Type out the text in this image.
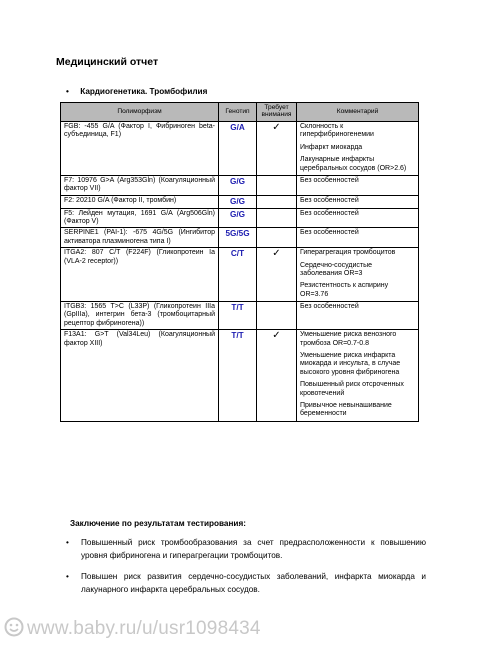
Медицинский отчет
• Кардиогенетика. Тромбофилия
Полиморфизм	Генотип	Требует внимания	Комментарий
FGB: -455 G/A (Фактор I, Фибриноген beta-субъединица, F1)	G/A	✓	Склонность к гиперфибриногенемии
Инфаркт миокарда
Лакунарные инфаркты церебральных сосудов (OR>2.6)

F7: 10976 G>A (Arg353Gln) (Коагуляционный фактор VII)	G/G		Без особенностей

F2: 20210 G/A (Фактор II, тромбин)	G/G		Без особенностей

F5: Лейден мутация, 1691 G/A (Arg506Gln) (Фактор V)	G/G		Без особенностей

SERPINE1 (PAI-1): -675 4G/5G (Ингибитор активатора плазминогена типа I)	5G/5G		Без особенностей

ITGA2: 807 C/T (F224F) (Гликопротеин Ia (VLA-2 receptor))	C/T	✓	Гиперагрегация тромбоцитов
Сердечно-сосудистые заболевания OR=3
Резистентность к аспирину OR=3.76

ITGB3: 1565 T>C (L33P) (Гликопротеин IIIa (GpIIIa), интегрин бета-3 (тромбоцитарный рецептор фибриногена))	T/T		Без особенностей

F13A1: G>T (Val34Leu) (Коагуляционный фактор XIII)	T/T	✓	Уменьшение риска венозного тромбоза OR=0.7-0.8
Уменьшение риска инфаркта миокарда и инсульта, в случае высокого уровня фибриногена
Повышенный риск отсроченных кровотечений
Привычное невынашивание беременности
Заключение по результатам тестирования:
• Повышенный риск тромбообразования за счет предрасположенности к повышению уровня фибриногена и гиперагрегации тромбоцитов.
• Повышен риск развития сердечно-сосудистых заболеваний, инфаркта миокарда и лакунарного инфаркта церебральных сосудов.
www.baby.ru/u/usr1098434
